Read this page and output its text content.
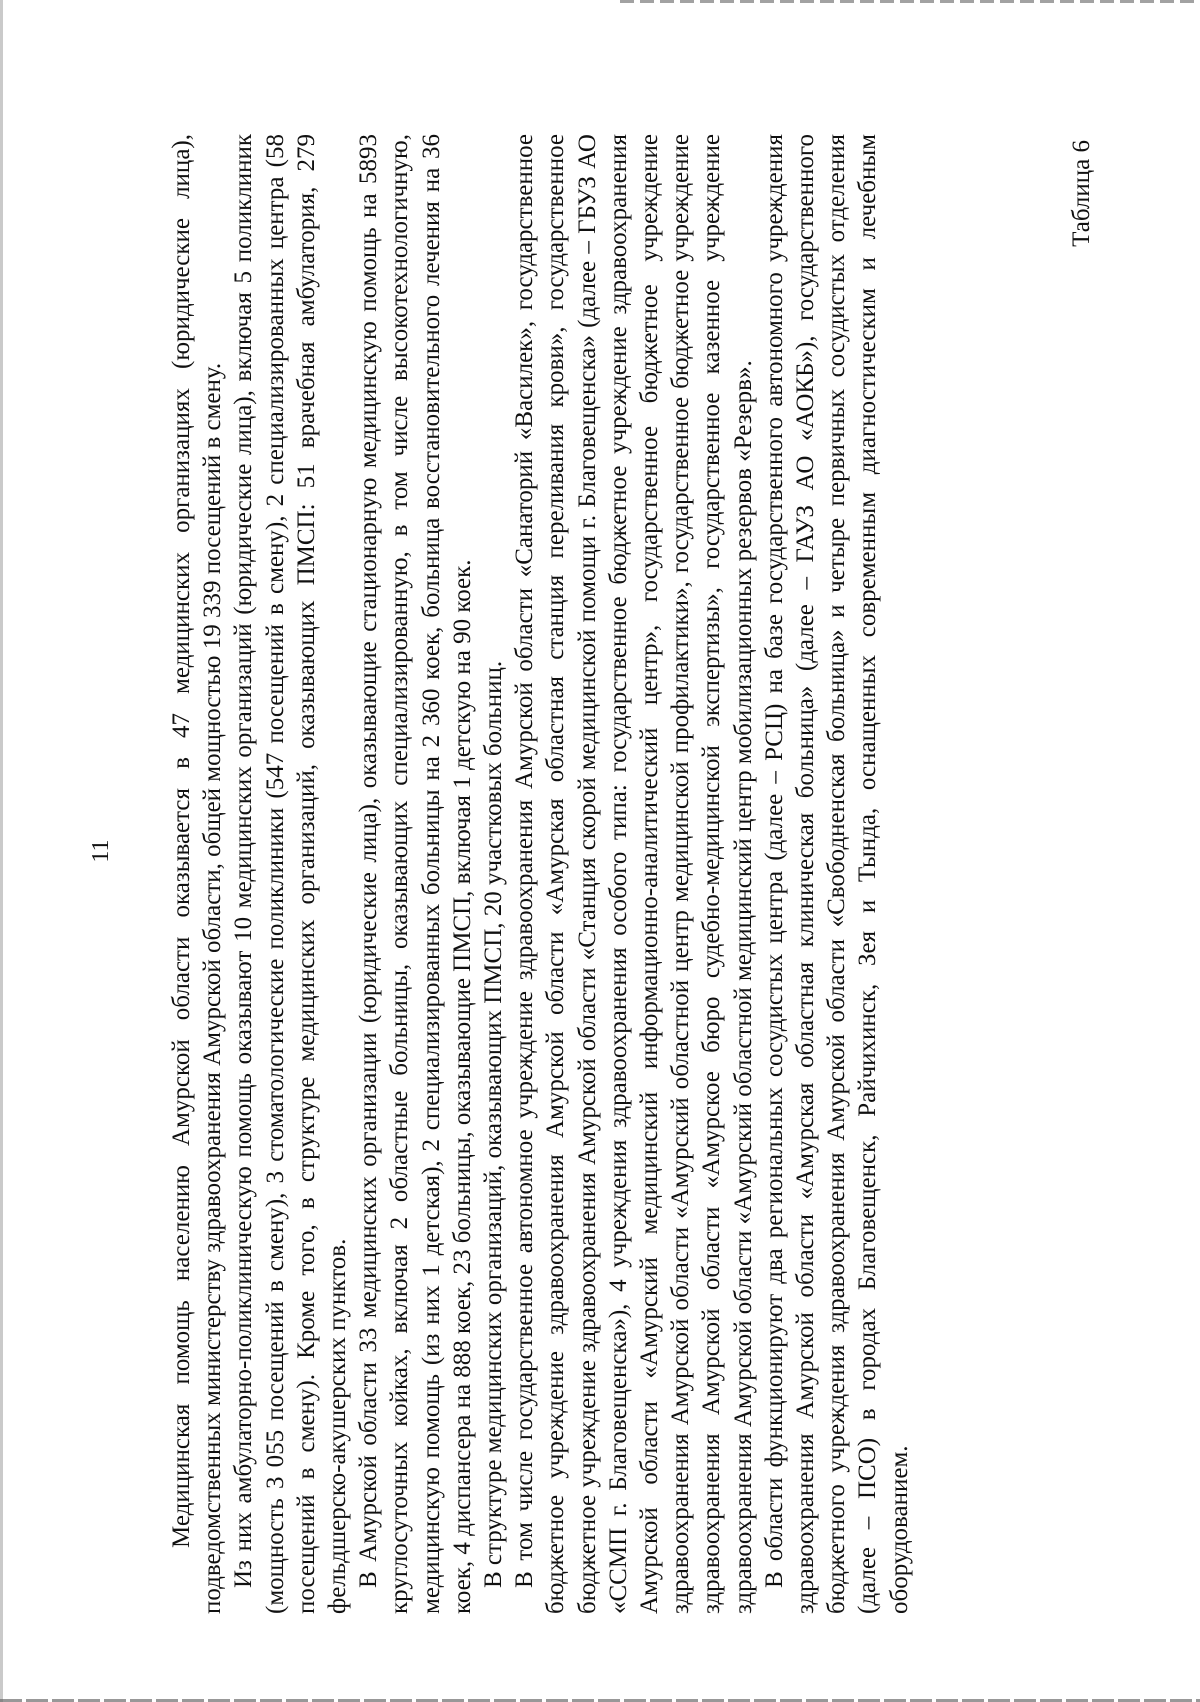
11 Медицинская помощь населению Амурской области оказывается в 47 медицинских организациях (юридические лица), подведомственных министерству здравоохранения Амурской области, общей мощностью 19 339 посещений в смену. Из них амбулаторно-поликлиническую помощь оказывают 10 медицинских организаций (юридические лица), включая 5 поликлиник (мощность 3 055 посещений в смену), 3 стоматологические поликлиники (547 посещений в смену), 2 специализированных центра (58 посещений в смену). Кроме того, в структуре медицинских организаций, оказывающих ПМСП: 51 врачебная амбулатория, 279 фельдшерско-акушерских пунктов. В Амурской области 33 медицинских организации (юридические лица), оказывающие стационарную медицинскую помощь на 5893 круглосуточных койках, включая 2 областные больницы, оказывающих специализированную, в том числе высокотехнологичную, медицинскую помощь (из них 1 детская), 2 специализированных больницы на 2 360 коек, больница восстановительного лечения на 36 коек, 4 диспансера на 888 коек, 23 больницы, оказывающие ПМСП, включая 1 детскую на 90 коек. В структуре медицинских организаций, оказывающих ПМСП, 20 участковых больниц. В том числе государственное автономное учреждение здравоохранения Амурской области «Санаторий «Василек», государственное бюджетное учреждение здравоохранения Амурской области «Амурская областная станция переливания крови», государственное бюджетное учреждение здравоохранения Амурской области «Станция скорой медицинской помощи г. Благовещенска» (далее – ГБУЗ АО «ССМП г. Благовещенска»), 4 учреждения здравоохранения особого типа: государственное бюджетное учреждение здравоохранения Амурской области «Амурский медицинский информационно-аналитический центр», государственное бюджетное учреждение здравоохранения Амурской области «Амурский областной центр медицинской профилактики», государственное бюджетное учреждение здравоохранения Амурской области «Амурское бюро судебно-медицинской экспертизы», государственное казенное учреждение здравоохранения Амурской области «Амурский областной медицинский центр мобилизационных резервов «Резерв». В области функционируют два региональных сосудистых центра (далее – РСЦ) на базе государственного автономного учреждения здравоохранения Амурской области «Амурская областная клиническая больница» (далее – ГАУЗ АО «АОКБ»), государственного бюджетного учреждения здравоохранения Амурской области «Свободненская больница» и четыре первичных сосудистых отделения (далее – ПСО) в городах Благовещенск, Райчихинск, Зея и Тында, оснащенных современным диагностическим и лечебным оборудованием.

Таблица 6
